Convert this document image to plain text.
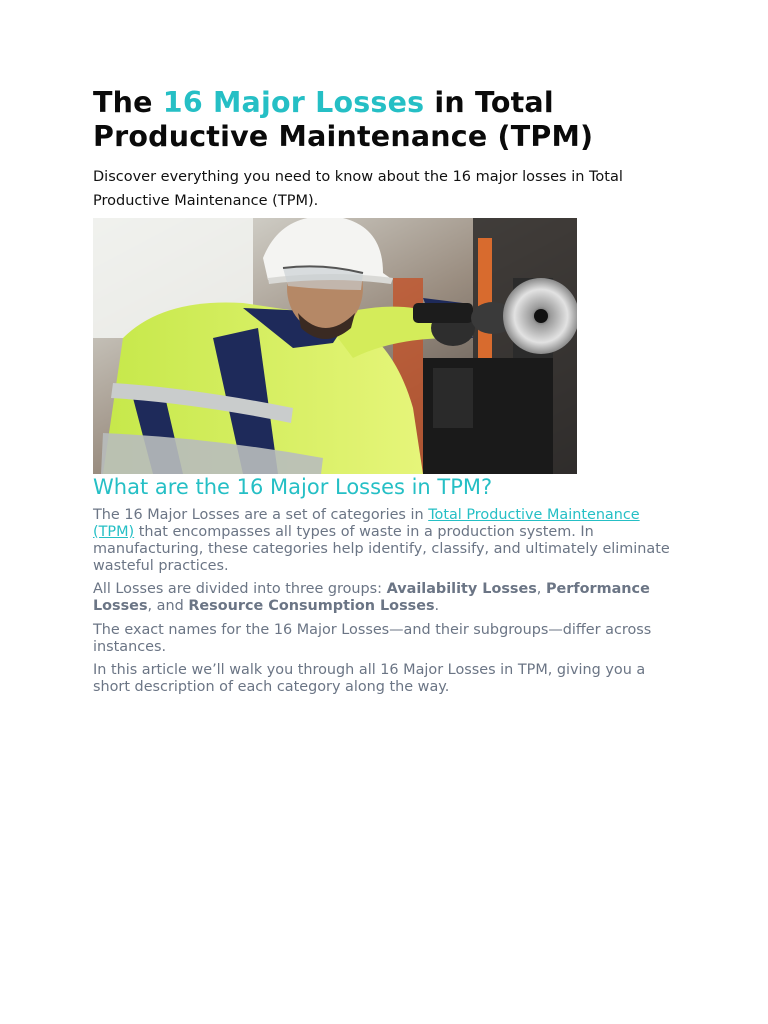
The 16 Major Losses in Total Productive Maintenance (TPM)

Discover everything you need to know about the 16 major losses in Total Productive Maintenance (TPM).

What are the 16 Major Losses in TPM?

The 16 Major Losses are a set of categories in Total Productive Maintenance (TPM) that encompasses all types of waste in a production system. In manufacturing, these categories help identify, classify, and ultimately eliminate wasteful practices.

All Losses are divided into three groups: Availability Losses, Performance Losses, and Resource Consumption Losses.

The exact names for the 16 Major Losses—and their subgroups—differ across instances.

In this article we’ll walk you through all 16 Major Losses in TPM, giving you a short description of each category along the way.
